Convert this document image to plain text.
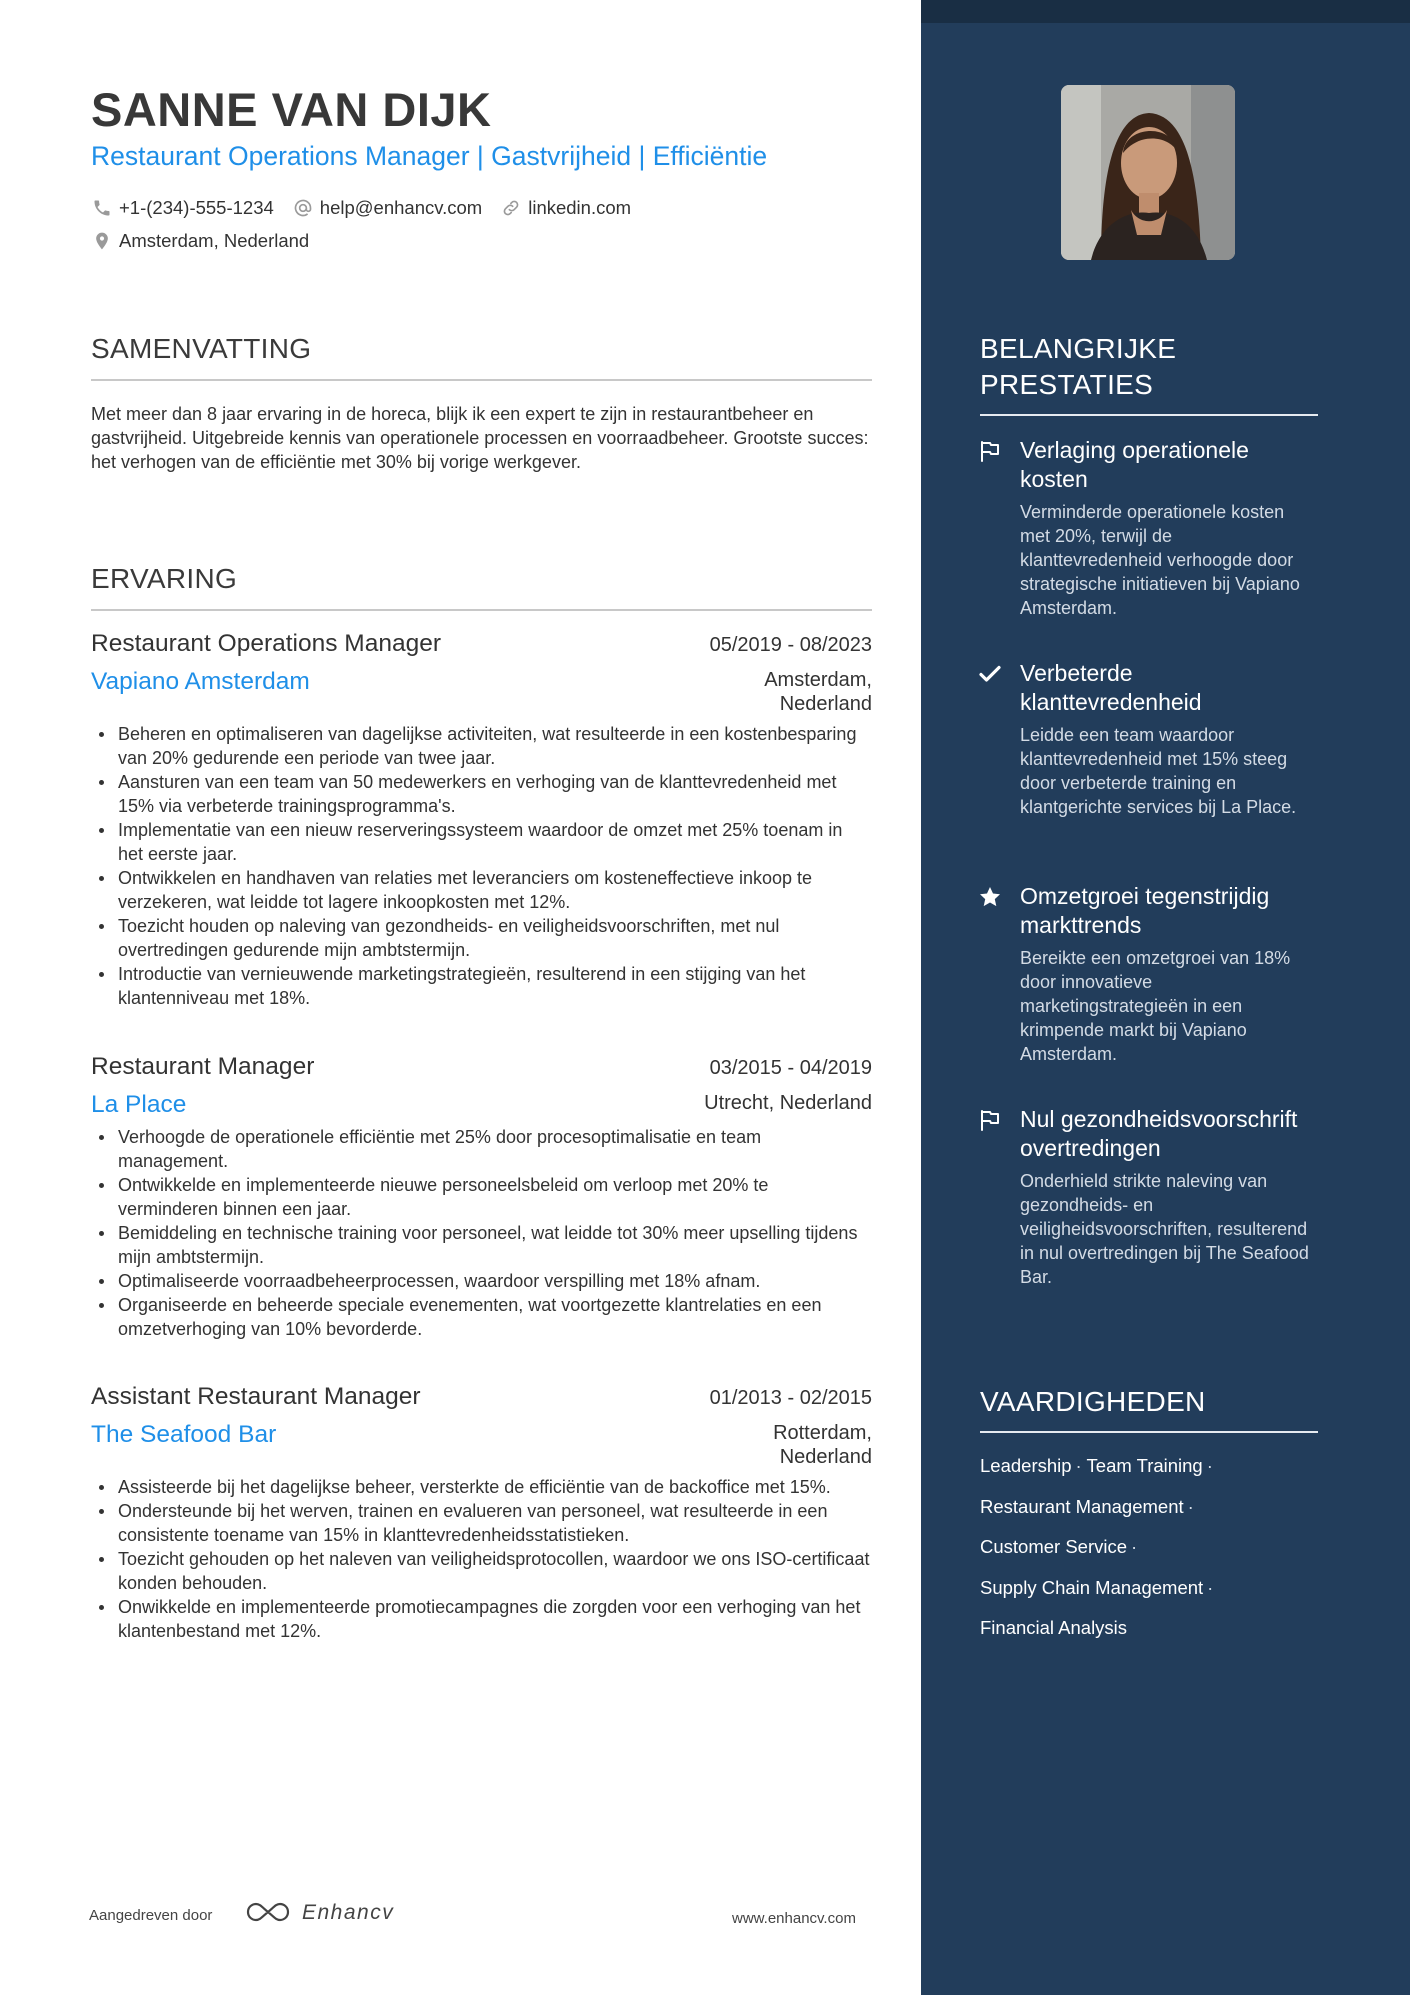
SANNE VAN DIJK
Restaurant Operations Manager | Gastvrijheid | Efficiëntie
+1-(234)-555-1234 help@enhancv.com linkedin.com
Amsterdam, Nederland
SAMENVATTING
Met meer dan 8 jaar ervaring in de horeca, blijk ik een expert te zijn in restaurantbeheer en gastvrijheid. Uitgebreide kennis van operationele processen en voorraadbeheer. Grootste succes: het verhogen van de efficiëntie met 30% bij vorige werkgever.
ERVARING
Restaurant Operations Manager	05/2019 - 08/2023
Vapiano Amsterdam	Amsterdam,
Nederland
Beheren en optimaliseren van dagelijkse activiteiten, wat resulteerde in een kostenbesparing van 20% gedurende een periode van twee jaar.
Aansturen van een team van 50 medewerkers en verhoging van de klanttevredenheid met 15% via verbeterde trainingsprogramma's.
Implementatie van een nieuw reserveringssysteem waardoor de omzet met 25% toenam in het eerste jaar.
Ontwikkelen en handhaven van relaties met leveranciers om kosteneffectieve inkoop te verzekeren, wat leidde tot lagere inkoopkosten met 12%.
Toezicht houden op naleving van gezondheids- en veiligheidsvoorschriften, met nul overtredingen gedurende mijn ambtstermijn.
Introductie van vernieuwende marketingstrategieën, resulterend in een stijging van het klantenniveau met 18%.
Restaurant Manager	03/2015 - 04/2019
La Place	Utrecht, Nederland
Verhoogde de operationele efficiëntie met 25% door procesoptimalisatie en team management.
Ontwikkelde en implementeerde nieuwe personeelsbeleid om verloop met 20% te verminderen binnen een jaar.
Bemiddeling en technische training voor personeel, wat leidde tot 30% meer upselling tijdens mijn ambtstermijn.
Optimaliseerde voorraadbeheerprocessen, waardoor verspilling met 18% afnam.
Organiseerde en beheerde speciale evenementen, wat voortgezette klantrelaties en een omzetverhoging van 10% bevorderde.
Assistant Restaurant Manager	01/2013 - 02/2015
The Seafood Bar	Rotterdam,
Nederland
Assisteerde bij het dagelijkse beheer, versterkte de efficiëntie van de backoffice met 15%.
Ondersteunde bij het werven, trainen en evalueren van personeel, wat resulteerde in een consistente toename van 15% in klanttevredenheidsstatistieken.
Toezicht gehouden op het naleven van veiligheidsprotocollen, waardoor we ons ISO-certificaat konden behouden.
Onwikkelde en implementeerde promotiecampagnes die zorgden voor een verhoging van het klantenbestand met 12%.
Aangedreven door	Enhancv	www.enhancv.com
BELANGRIJKE PRESTATIES
Verlaging operationele kosten
Verminderde operationele kosten met 20%, terwijl de klanttevredenheid verhoogde door strategische initiatieven bij Vapiano Amsterdam.
Verbeterde klanttevredenheid
Leidde een team waardoor klanttevredenheid met 15% steeg door verbeterde training en klantgerichte services bij La Place.
Omzetgroei tegenstrijdig markttrends
Bereikte een omzetgroei van 18% door innovatieve marketingstrategieën in een krimpende markt bij Vapiano Amsterdam.
Nul gezondheidsvoorschrift overtredingen
Onderhield strikte naleving van gezondheids- en veiligheidsvoorschriften, resulterend in nul overtredingen bij The Seafood Bar.
VAARDIGHEDEN
Leadership · Team Training ·
Restaurant Management ·
Customer Service ·
Supply Chain Management ·
Financial Analysis
